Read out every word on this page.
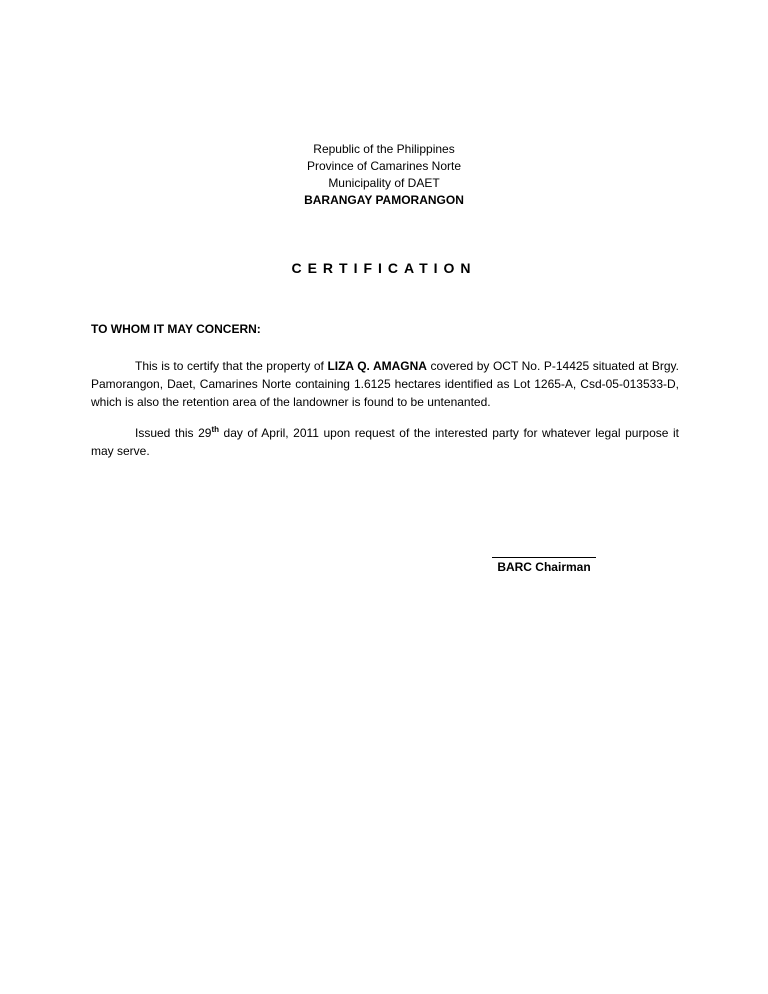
Republic of the Philippines
Province of Camarines Norte
Municipality of DAET
BARANGAY PAMORANGON
CERTIFICATION
TO WHOM IT MAY CONCERN:
This is to certify that the property of LIZA Q. AMAGNA covered by OCT No. P-14425 situated at Brgy. Pamorangon, Daet, Camarines Norte containing 1.6125 hectares identified as Lot 1265-A, Csd-05-013533-D, which is also the retention area of the landowner is found to be untenanted.
Issued this 29th day of April, 2011 upon request of the interested party for whatever legal purpose it may serve.
BARC Chairman
